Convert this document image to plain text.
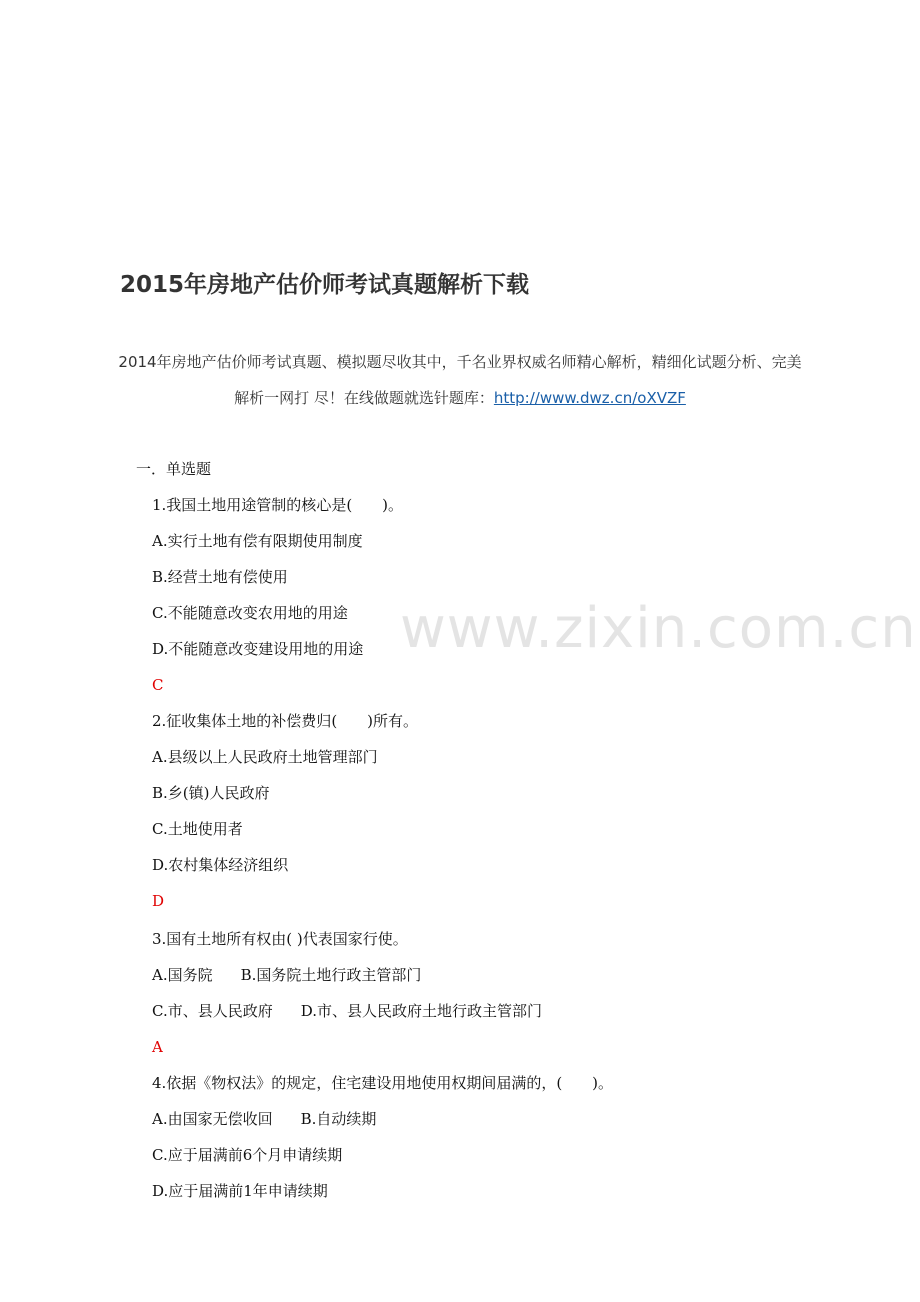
2015年房地产估价师考试真题解析下载
2014年房地产估价师考试真题、模拟题尽收其中，千名业界权威名师精心解析，精细化试题分析、完美
解析一网打 尽！在线做题就选针题库：http://www.dwz.cn/oXVZF
一．单选题
1.我国土地用途管制的核心是(　　)。
A.实行土地有偿有限期使用制度
B.经营土地有偿使用
C.不能随意改变农用地的用途
D.不能随意改变建设用地的用途
C
2.征收集体土地的补偿费归(　　)所有。
A.县级以上人民政府土地管理部门
B.乡(镇)人民政府
C.土地使用者
D.农村集体经济组织
D
3.国有土地所有权由( )代表国家行使。
A.国务院 B.国务院土地行政主管部门
C.市、县人民政府 D.市、县人民政府土地行政主管部门
A
4.依据《物权法》的规定，住宅建设用地使用权期间届满的，(　　)。
A.由国家无偿收回 B.自动续期
C.应于届满前6个月申请续期
D.应于届满前1年申请续期
www.zixin.com.cn
